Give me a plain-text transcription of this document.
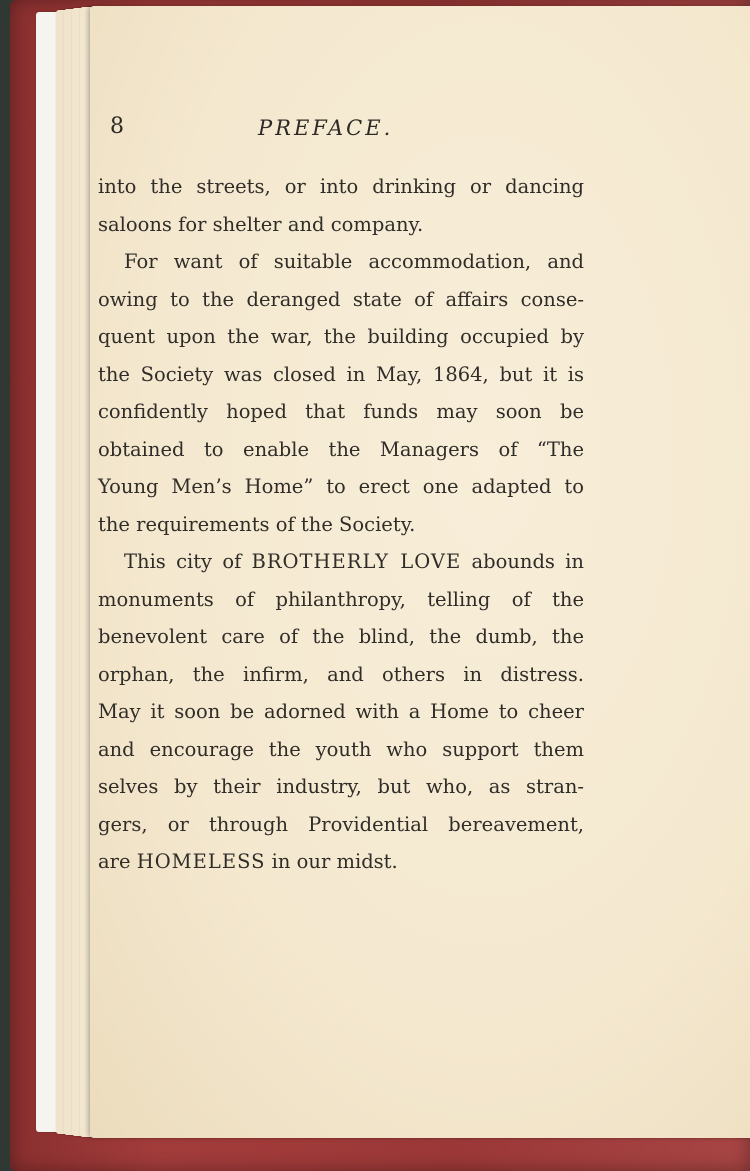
8	PREFACE.
into the streets, or into drinking or dancing
saloons for shelter and company.
For want of suitable accommodation, and
owing to the deranged state of affairs conse-
quent upon the war, the building occupied by
the Society was closed in May, 1864, but it is
confidently hoped that funds may soon be
obtained to enable the Managers of “The
Young Men’s Home” to erect one adapted to
the requirements of the Society.
This city of BROTHERLY LOVE abounds in
monuments of philanthropy, telling of the
benevolent care of the blind, the dumb, the
orphan, the infirm, and others in distress.
May it soon be adorned with a Home to cheer
and encourage the youth who support them
selves by their industry, but who, as stran-
gers, or through Providential bereavement,
are HOMELESS in our midst.
